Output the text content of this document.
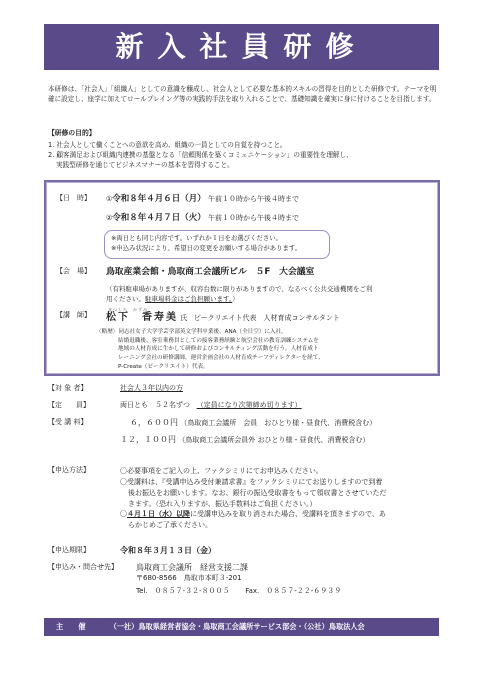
新入社員研修
本研修は、「社会人」「組織人」としての意識を醸成し、社会人として必要な基本的スキルの習得を目的とした研修です。テーマを明確に設定し、座学に加えてロールプレイング等の実践的手法を取り入れることで、基礎知識を確実に身に付けることを目指します。
【研修の目的】
1. 社会人として働くことへの意欲を高め、組織の一員としての自覚を持つこと。
2. 顧客満足および組織内連携の基盤となる「信頼関係を築くコミュニケーション」の重要性を理解し、
実践型研修を通じてビジネスマナーの基本を習得すること。
【日　時】	①令和８年４月６日（月） 午前１０時から午後４時まで
②令和８年４月７日（火） 午前１０時から午後４時まで
※両日とも同じ内容です。いずれか１日をお選びください。
※申込み状況により、希望日の変更をお願いする場合があります。
【会　場】	鳥取産業会館・鳥取商工会議所ビル　５F　大会議室
（有料駐車場がありますが、収容台数に限りがありますので、なるべく公共交通機関をご利
用ください。駐車場料金はご負担願います。）
まつした　かずみ
【講　師】	松下　香寿美 氏 ピークリエイト代表　人材育成コンサルタント
〈略歴〉同志社女子大学学芸学部英文学科卒業後、ANA（全日空）に入社。
結婚退職後、客室乗務員としての接客業務経験と航空会社の教育訓練システムを
地域の人材育成に生かして研修およびコンサルティング活動を行う。人材育成ト
レーニング会社の研修講師、運営企画会社の人材育成チーフディレクターを経て、
P-Create（ピークリエイト）代表。
【対 象 者】	社会人３年以内の方
【定　　員】	両日とも　５２名ずつ （定員になり次第締め切ります）
【受 講 料】	６，６００円 （鳥取商工会議所　会員　おひとり様・昼食代、消費税含む）
１２，１００円 （鳥取商工会議所会員外 おひとり様・昼食代、消費税含む）
【申込方法】	〇必要事項をご記入の上、ファクシミリにてお申込みください。
〇受講料は、『受講申込み受付兼請求書』をファクシミリにてお送りしますので到着
後お振込をお願いします。なお、銀行の振込受取書をもって領収書とさせていただ
きます。（恐れ入りますが、振込手数料はご負担ください。）
〇４月１日（水）以降に受講申込みを取り消された場合、受講料を頂きますので、あ
らかじめご了承ください。
【申込期限】	令和８年３月１３日（金）
【申込み・問合せ先】 鳥取商工会議所　経営支援二課
〒680-8566　鳥取市本町３-201
Tel.　０８５７-３２-８００５ Fax.　０８５７-２２-６９３９
主　催	（一社）鳥取県経営者協会・鳥取商工会議所サービス部会・（公社）鳥取法人会
